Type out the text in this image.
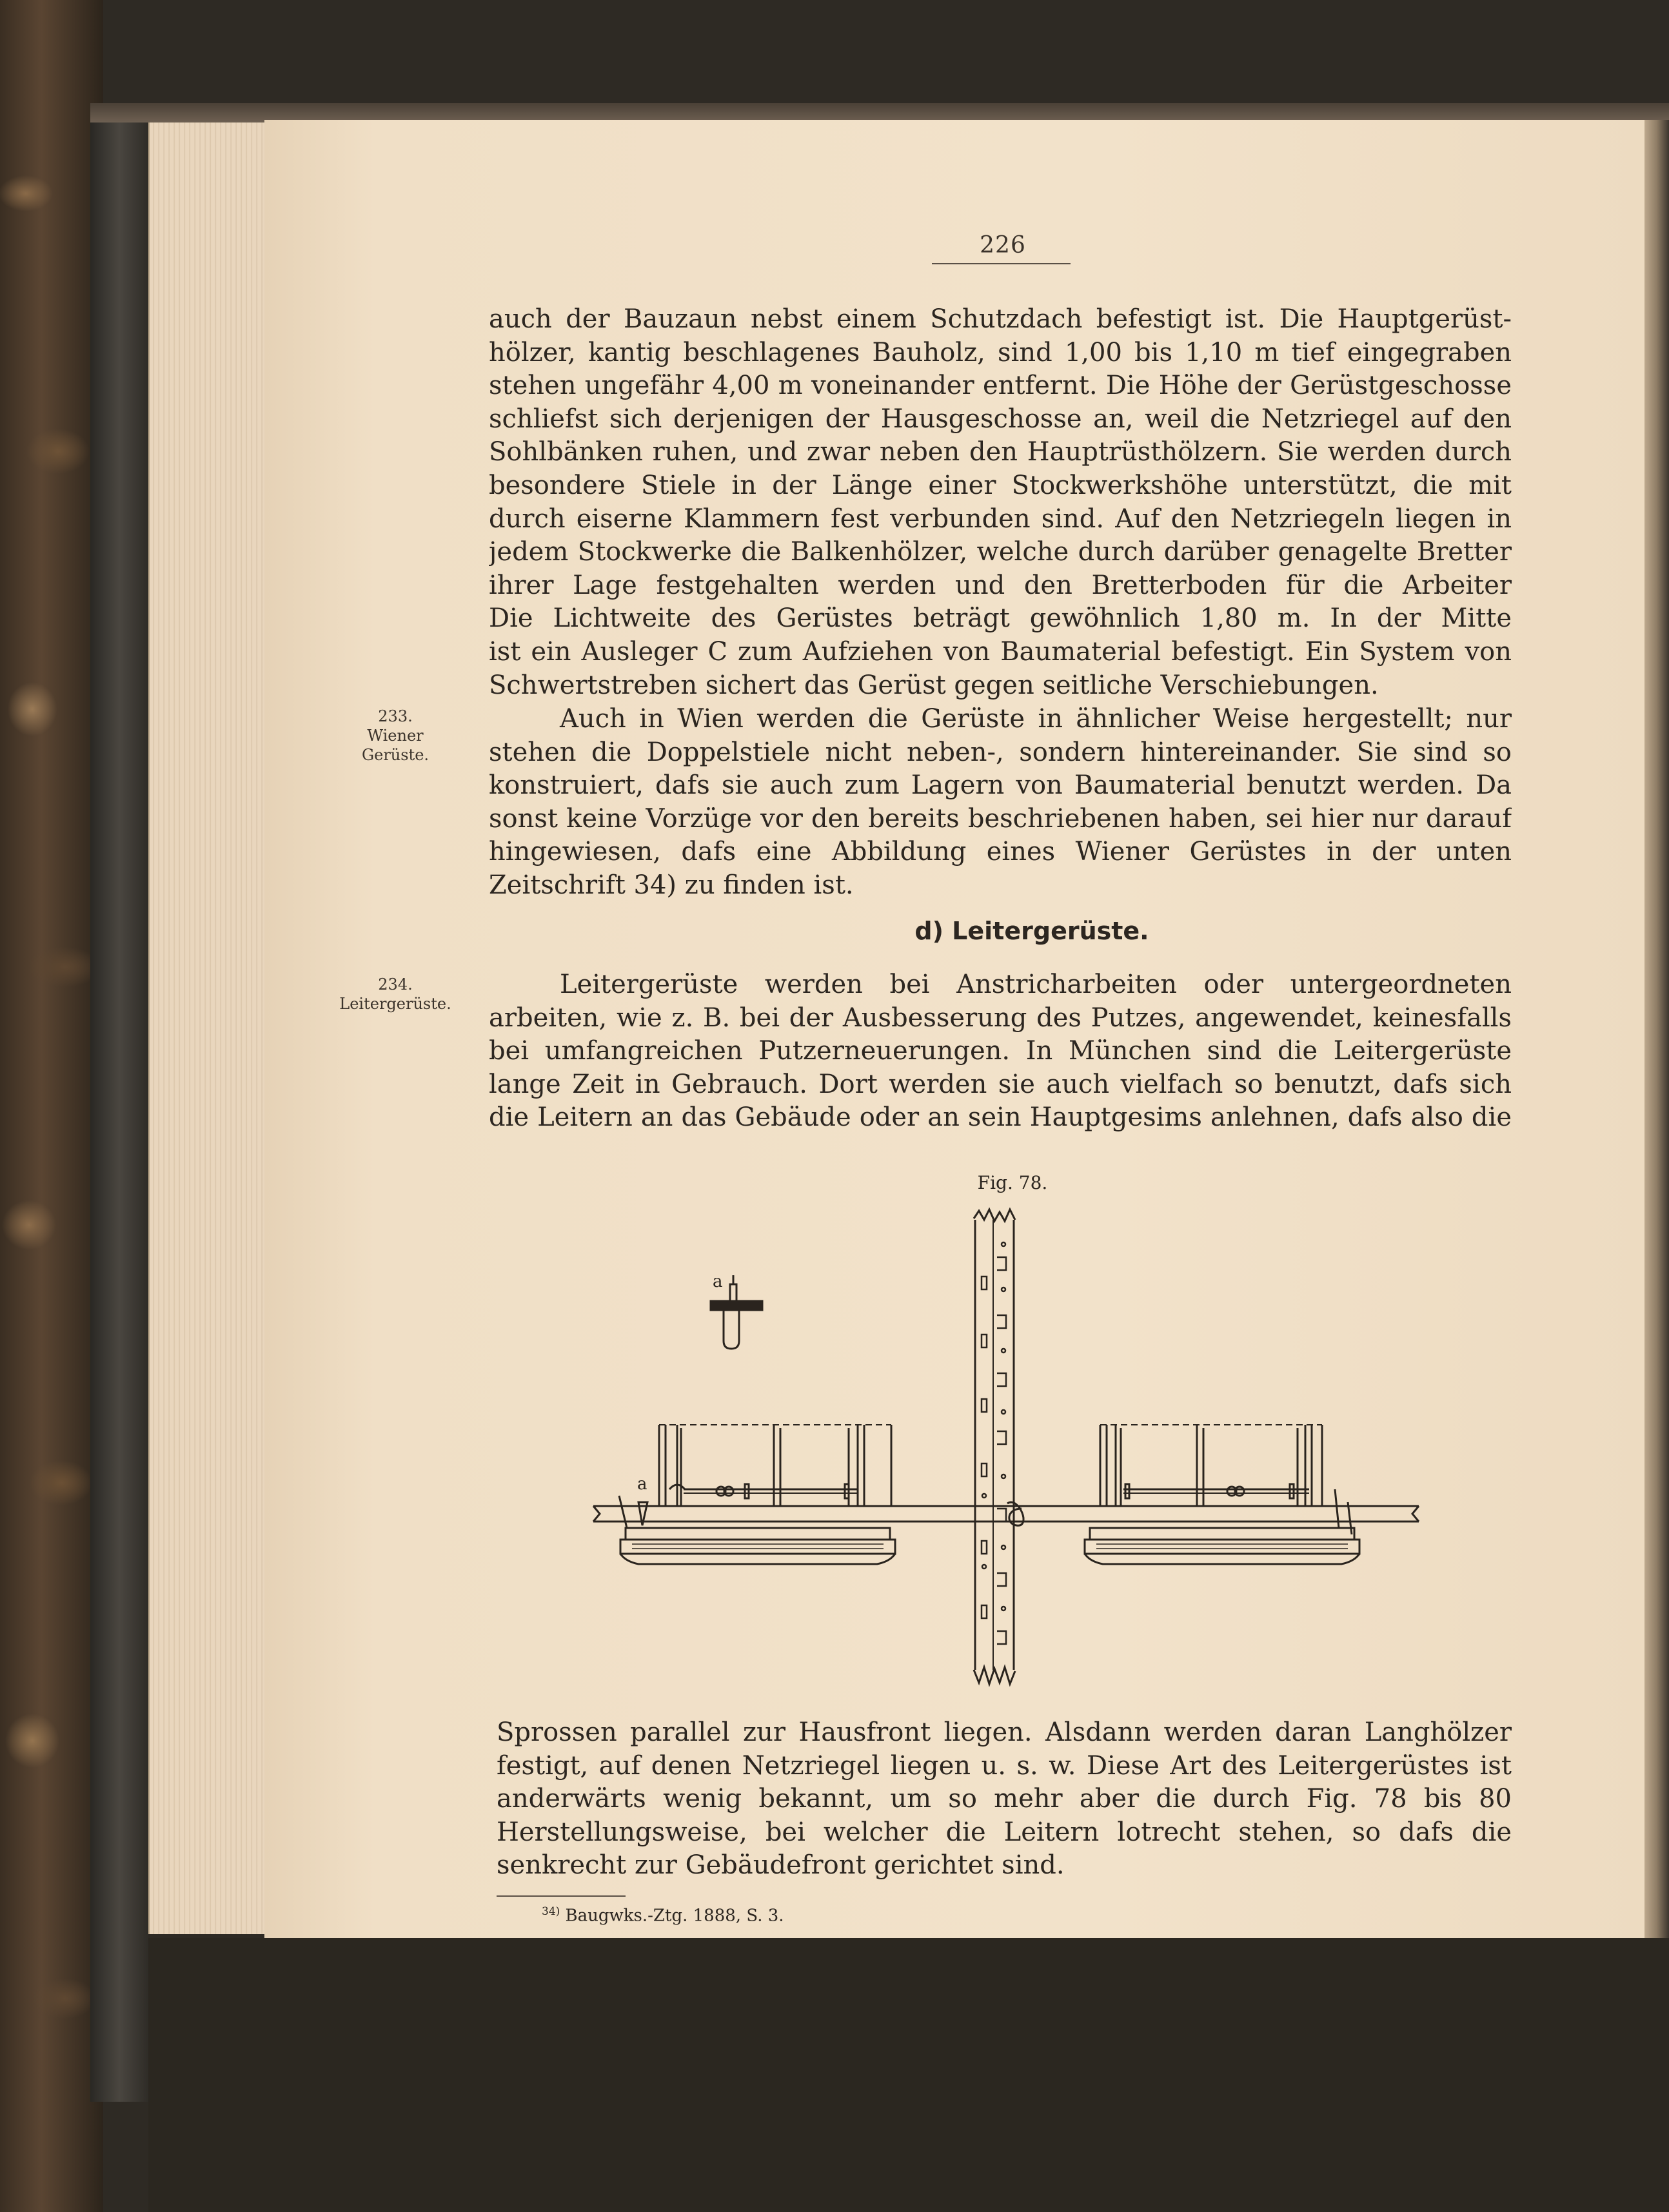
226
auch der Bauzaun nebst einem Schutzdach befestigt ist. Die Hauptgerüst-
hölzer, kantig beschlagenes Bauholz, sind 1,00 bis 1,10 m tief eingegraben
stehen ungefähr 4,00 m voneinander entfernt. Die Höhe der Gerüstgeschosse
schliefst sich derjenigen der Hausgeschosse an, weil die Netzriegel auf den
Sohlbänken ruhen, und zwar neben den Hauptrüsthölzern. Sie werden durch
besondere Stiele in der Länge einer Stockwerkshöhe unterstützt, die mit
durch eiserne Klammern fest verbunden sind. Auf den Netzriegeln liegen in
jedem Stockwerke die Balkenhölzer, welche durch darüber genagelte Bretter
ihrer Lage festgehalten werden und den Bretterboden für die Arbeiter
Die Lichtweite des Gerüstes beträgt gewöhnlich 1,80 m. In der Mitte
ist ein Ausleger C zum Aufziehen von Baumaterial befestigt. Ein System von
Schwertstreben sichert das Gerüst gegen seitliche Verschiebungen.
233.
Wiener
Gerüste.
Auch in Wien werden die Gerüste in ähnlicher Weise hergestellt; nur
stehen die Doppelstiele nicht neben-, sondern hintereinander. Sie sind so
konstruiert, dafs sie auch zum Lagern von Baumaterial benutzt werden. Da
sonst keine Vorzüge vor den bereits beschriebenen haben, sei hier nur darauf
hingewiesen, dafs eine Abbildung eines Wiener Gerüstes in der unten
Zeitschrift 34) zu finden ist.
d) Leitergerüste.
234.
Leitergerüste.
Leitergerüste werden bei Anstricharbeiten oder untergeordneten
arbeiten, wie z. B. bei der Ausbesserung des Putzes, angewendet, keinesfalls
bei umfangreichen Putzerneuerungen. In München sind die Leitergerüste
lange Zeit in Gebrauch. Dort werden sie auch vielfach so benutzt, dafs sich
die Leitern an das Gebäude oder an sein Hauptgesims anlehnen, dafs also die
Fig. 78.
a
a
Sprossen parallel zur Hausfront liegen. Alsdann werden daran Langhölzer
festigt, auf denen Netzriegel liegen u. s. w. Diese Art des Leitergerüstes ist
anderwärts wenig bekannt, um so mehr aber die durch Fig. 78 bis 80
Herstellungsweise, bei welcher die Leitern lotrecht stehen, so dafs die
senkrecht zur Gebäudefront gerichtet sind.
$^{34)}$ Baugwks.-Ztg. 1888, S. 3.
